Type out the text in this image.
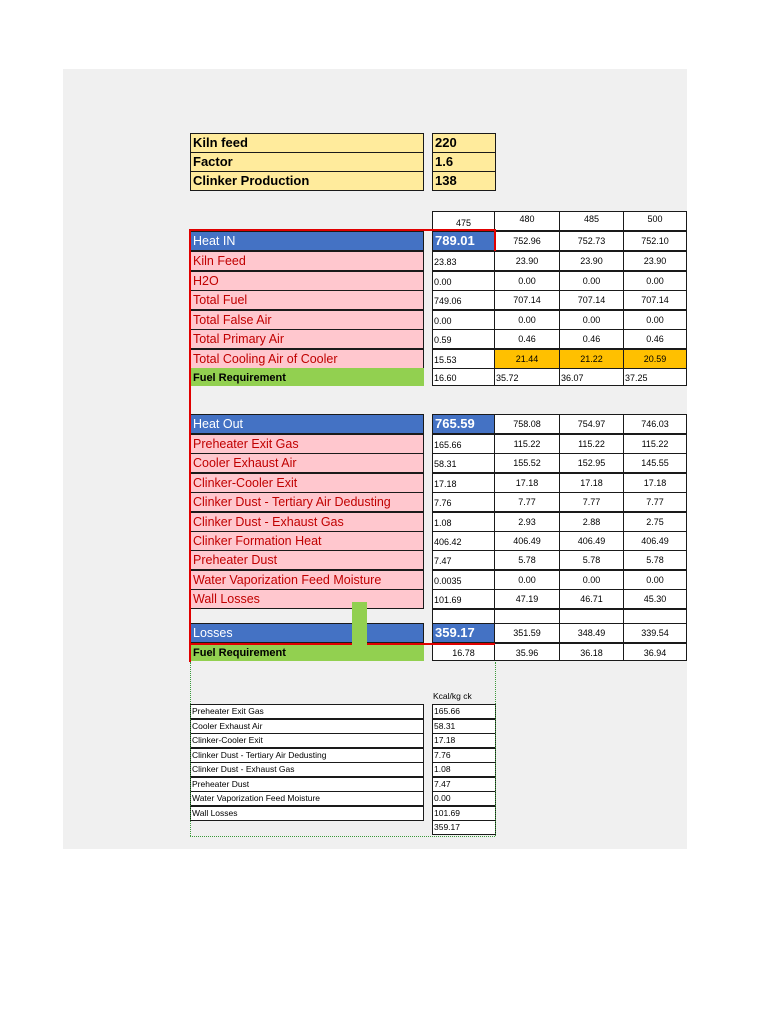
Kiln feed	220
Factor	1.6
Clinker Production	138
475	480	485	500
Heat IN	789.01	752.96	752.73	752.10
Kiln Feed	23.83	23.90	23.90	23.90
H2O	0.00	0.00	0.00	0.00
Total Fuel	749.06	707.14	707.14	707.14
Total False Air	0.00	0.00	0.00	0.00
Total Primary Air	0.59	0.46	0.46	0.46
Total Cooling Air of Cooler	15.53	21.44	21.22	20.59
Fuel Requirement	16.60	35.72	36.07	37.25
Heat Out	765.59	758.08	754.97	746.03
Preheater Exit Gas	165.66	115.22	115.22	115.22
Cooler Exhaust Air	58.31	155.52	152.95	145.55
Clinker-Cooler Exit	17.18	17.18	17.18	17.18
Clinker Dust - Tertiary Air Dedusting	7.76	7.77	7.77	7.77
Clinker Dust - Exhaust Gas	1.08	2.93	2.88	2.75
Clinker Formation Heat	406.42	406.49	406.49	406.49
Preheater Dust	7.47	5.78	5.78	5.78
Water Vaporization Feed Moisture	0.0035	0.00	0.00	0.00
Wall Losses	101.69	47.19	46.71	45.30
Losses	359.17	351.59	348.49	339.54
Fuel Requirement	16.78	35.96	36.18	36.94
Kcal/kg ck
Preheater Exit Gas	165.66
Cooler Exhaust Air	58.31
Clinker-Cooler Exit	17.18
Clinker Dust - Tertiary Air Dedusting	7.76
Clinker Dust - Exhaust Gas	1.08
Preheater Dust	7.47
Water Vaporization Feed Moisture	0.00
Wall Losses	101.69
359.17
